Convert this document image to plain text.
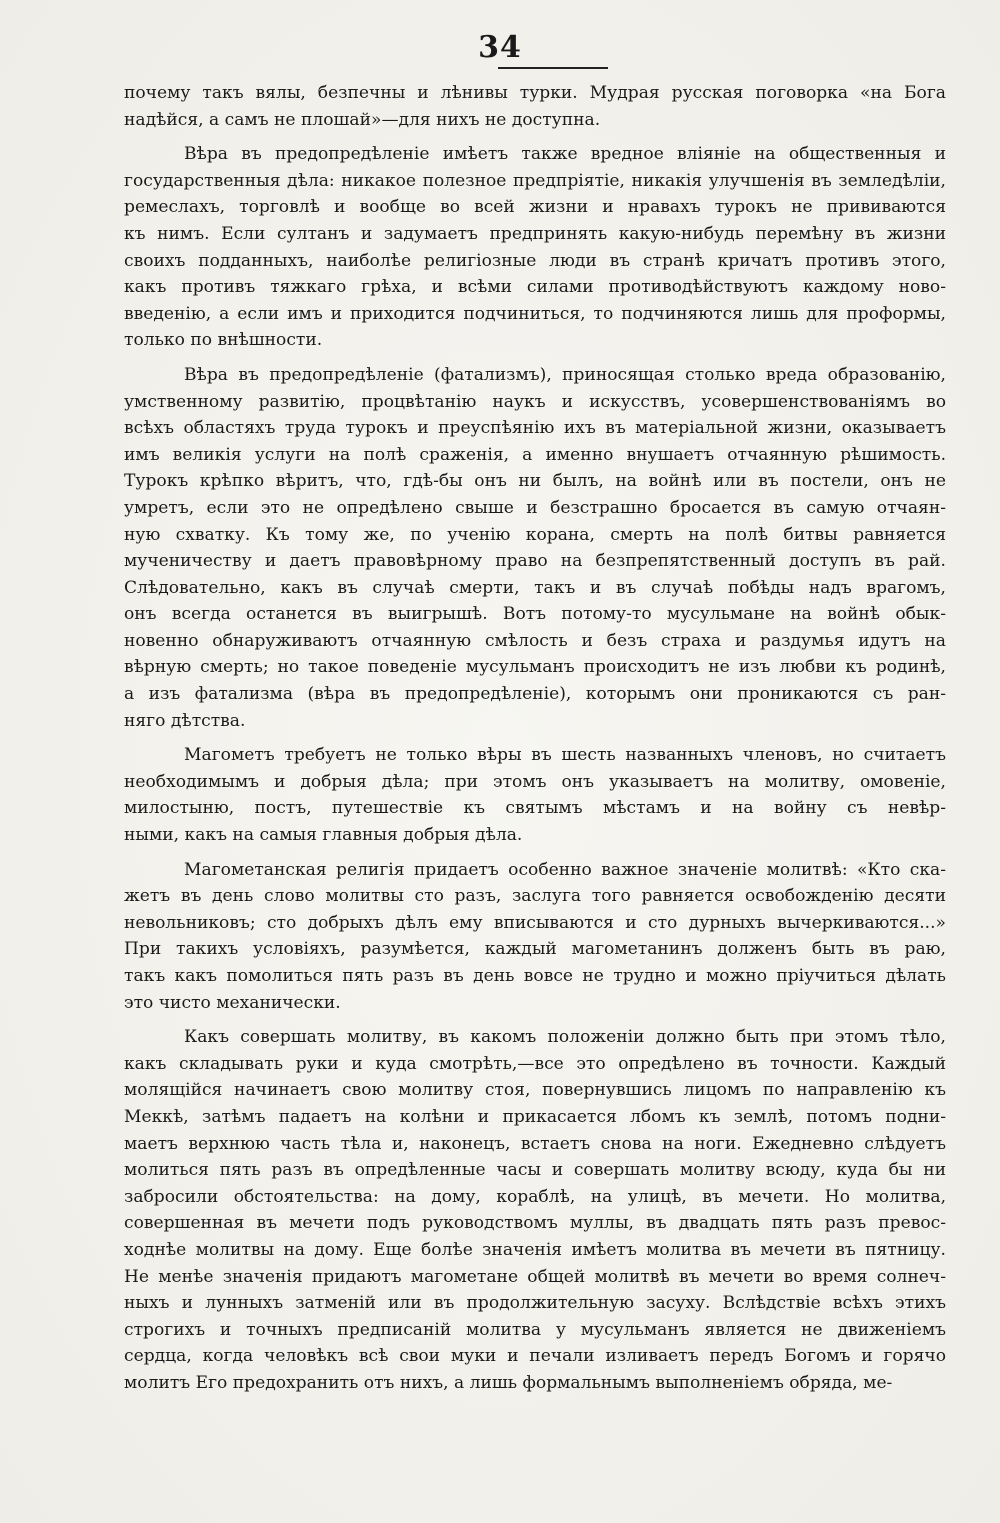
34
почему такъ вялы, безпечны и лѣнивы турки. Мудрая русская поговорка «на Бога
надѣйся, а самъ не плошай»—для нихъ не доступна.
Вѣра въ предопредѣленіе имѣетъ также вредное вліяніе на общественныя и
государственныя дѣла: никакое полезное предпріятіе, никакія улучшенія въ земледѣліи,
ремеслахъ, торговлѣ и вообще во всей жизни и нравахъ турокъ не прививаются
къ нимъ. Если султанъ и задумаетъ предпринять какую-нибудь перемѣну въ жизни
своихъ подданныхъ, наиболѣе религіозные люди въ странѣ кричатъ противъ этого,
какъ противъ тяжкаго грѣха, и всѣми силами противодѣйствуютъ каждому ново-
введенію, а если имъ и приходится подчиниться, то подчиняются лишь для проформы,
только по внѣшности.
Вѣра въ предопредѣленіе (фатализмъ), приносящая столько вреда образованію,
умственному развитію, процвѣтанію наукъ и искусствъ, усовершенствованіямъ во
всѣхъ областяхъ труда турокъ и преуспѣянію ихъ въ матеріальной жизни, оказываетъ
имъ великія услуги на полѣ сраженія, а именно внушаетъ отчаянную рѣшимость.
Турокъ крѣпко вѣритъ, что, гдѣ-бы онъ ни былъ, на войнѣ или въ постели, онъ не
умретъ, если это не опредѣлено свыше и безстрашно бросается въ самую отчаян-
ную схватку. Къ тому же, по ученію корана, смерть на полѣ битвы равняется
мученичеству и даетъ правовѣрному право на безпрепятственный доступъ въ рай.
Слѣдовательно, какъ въ случаѣ смерти, такъ и въ случаѣ побѣды надъ врагомъ,
онъ всегда останется въ выигрышѣ. Вотъ потому-то мусульмане на войнѣ обык-
новенно обнаруживаютъ отчаянную смѣлость и безъ страха и раздумья идутъ на
вѣрную смерть; но такое поведеніе мусульманъ происходитъ не изъ любви къ родинѣ,
а изъ фатализма (вѣра въ предопредѣленіе), которымъ они проникаются съ ран-
няго дѣтства.
Магометъ требуетъ не только вѣры въ шесть названныхъ членовъ, но считаетъ
необходимымъ и добрыя дѣла; при этомъ онъ указываетъ на молитву, омовеніе,
милостыню, постъ, путешествіе къ святымъ мѣстамъ и на войну съ невѣр-
ными, какъ на самыя главныя добрыя дѣла.
Магометанская религія придаетъ особенно важное значеніе молитвѣ: «Кто ска-
жетъ въ день слово молитвы сто разъ, заслуга того равняется освобожденію десяти
невольниковъ; сто добрыхъ дѣлъ ему вписываются и сто дурныхъ вычеркиваются...»
При такихъ условіяхъ, разумѣется, каждый магометанинъ долженъ быть въ раю,
такъ какъ помолиться пять разъ въ день вовсе не трудно и можно пріучиться дѣлать
это чисто механически.
Какъ совершать молитву, въ какомъ положеніи должно быть при этомъ тѣло,
какъ складывать руки и куда смотрѣть,—все это опредѣлено въ точности. Каждый
молящійся начинаетъ свою молитву стоя, повернувшись лицомъ по направленію къ
Меккѣ, затѣмъ падаетъ на колѣни и прикасается лбомъ къ землѣ, потомъ подни-
маетъ верхнюю часть тѣла и, наконецъ, встаетъ снова на ноги. Ежедневно слѣдуетъ
молиться пять разъ въ опредѣленные часы и совершать молитву всюду, куда бы ни
забросили обстоятельства: на дому, кораблѣ, на улицѣ, въ мечети. Но молитва,
совершенная въ мечети подъ руководствомъ муллы, въ двадцать пять разъ превос-
ходнѣе молитвы на дому. Еще болѣе значенія имѣетъ молитва въ мечети въ пятницу.
Не менѣе значенія придаютъ магометане общей молитвѣ въ мечети во время солнеч-
ныхъ и лунныхъ затменій или въ продолжительную засуху. Вслѣдствіе всѣхъ этихъ
строгихъ и точныхъ предписаній молитва у мусульманъ является не движеніемъ
сердца, когда человѣкъ всѣ свои муки и печали изливаетъ передъ Богомъ и горячо
молитъ Его предохранить отъ нихъ, а лишь формальнымъ выполненіемъ обряда, ме-
